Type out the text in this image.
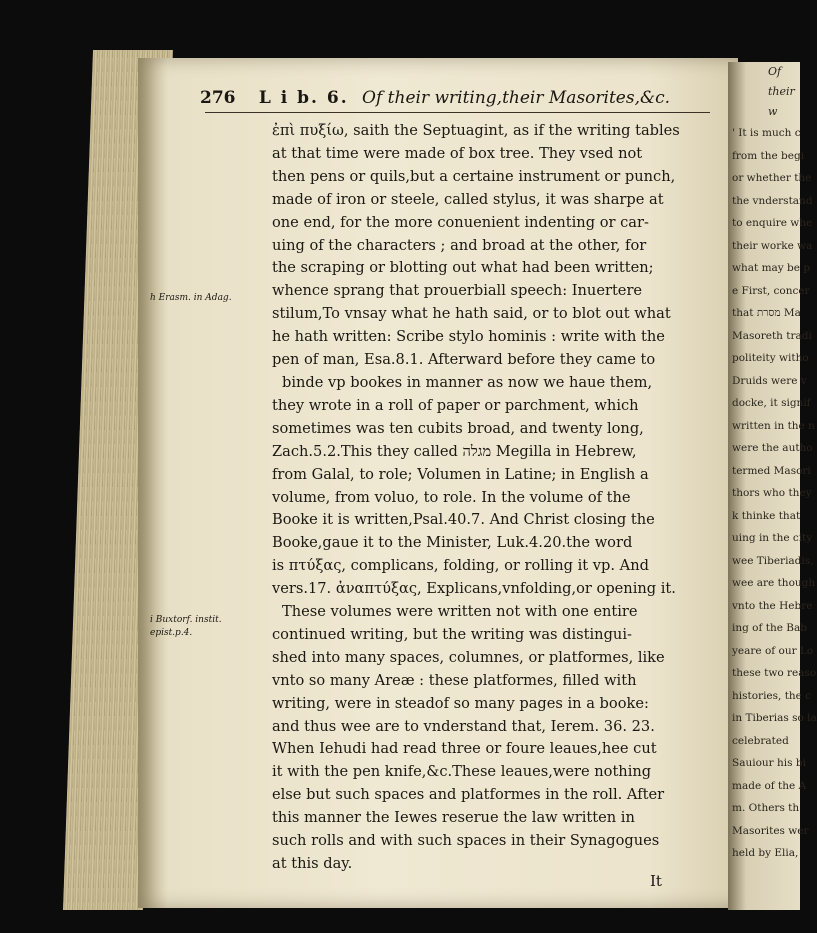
Of their w
' It is much c
from the begi
or whether the
the vnderstand
to enquire whe
their worke wa
what may be p
e First, concer
that מסרת Ma
Masoreth tradi
politeity witho
Druids were v
docke, it signif
written in the n
were the autho
termed Masori
thors who they
k thinke that
uing in the city
wee Tiberiadis,
wee are though
vnto the Hebre
ing of the Bab
yeare of our Lo
these two reaso
histories, the c
in Tiberias so la
celebrated
Sauiour his bi
made of the A
m. Others th
Masorites wer
held by Elia,
276 L i b. 6. Of their writing,their Masorites,&c.
ἐπὶ πυξίω, saith the Septuagint, as if the writing tables
at that time were made of box tree. They vsed not
then pens or quils,but a certaine instrument or punch,
made of iron or steele, called stylus, it was sharpe at
one end, for the more conuenient indenting or car-
uing of the characters ; and broad at the other, for
the scraping or blotting out what had been written;
whence sprang that prouerbiall speech: Inuertere
stilum,To vnsay what he hath said, or to blot out what
he hath written: Scribe stylo hominis : write with the
pen of man, Esa.8.1. Afterward before they came to
binde vp bookes in manner as now we haue them,
they wrote in a roll of paper or parchment, which
sometimes was ten cubits broad, and twenty long,
Zach.5.2.This they called מגלה Megilla in Hebrew,
from Galal, to role; Volumen in Latine; in English a
volume, from voluo, to role. In the volume of the
Booke it is written,Psal.40.7. And Christ closing the
Booke,gaue it to the Minister, Luk.4.20.the word
is πτύξας, complicans, folding, or rolling it vp. And
vers.17. ἀναπτύξας, Explicans,vnfolding,or opening it.
These volumes were written not with one entire
continued writing, but the writing was distingui-
shed into many spaces, columnes, or platformes, like
vnto so many Areæ : these platformes, filled with
writing, were in steadof so many pages in a booke:
and thus wee are to vnderstand that, Ierem. 36. 23.
When Iehudi had read three or foure leaues,hee cut
it with the pen knife,&c.These leaues,were nothing
else but such spaces and platformes in the roll. After
this manner the Iewes reserue the law written in
such rolls and with such spaces in their Synagogues
at this day.
h Erasm. in Adag.
i Buxtorf. instit.
epist.p.4.
It
